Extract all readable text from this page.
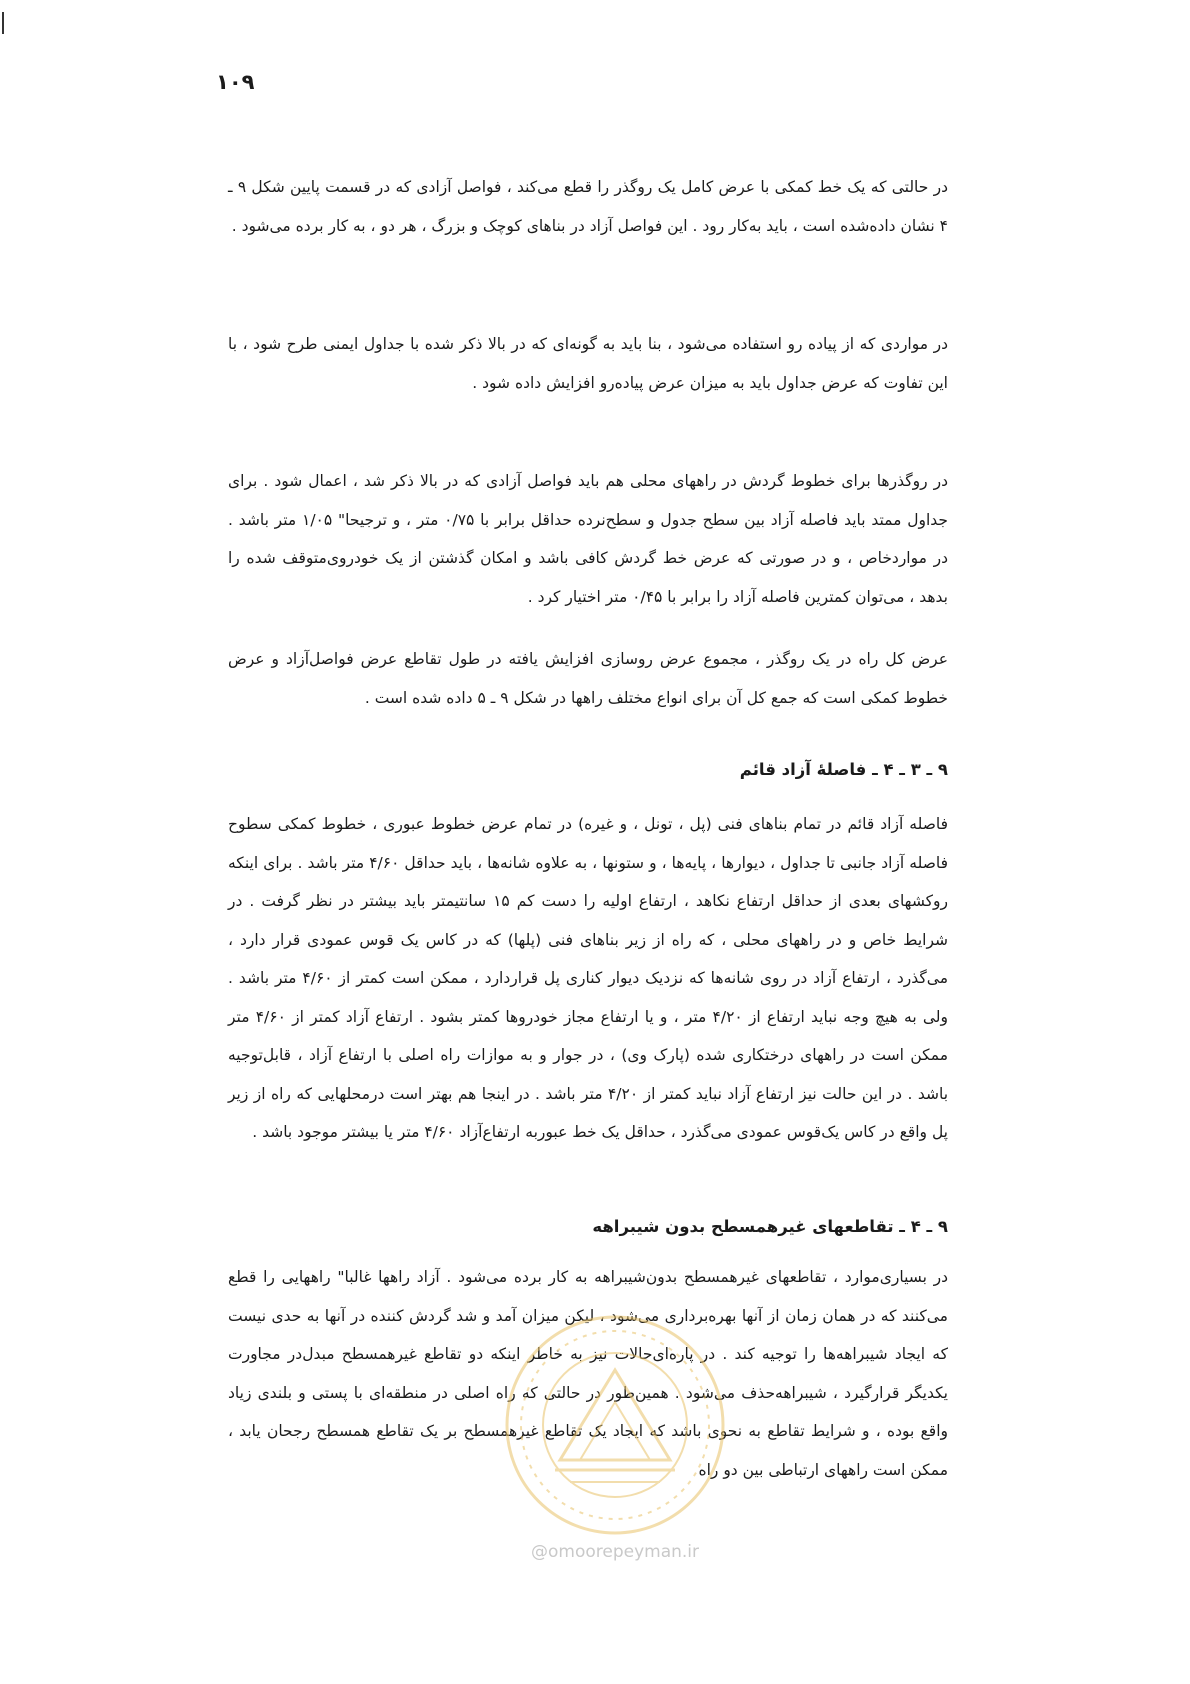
۱۰۹

در حالتی که یک خط کمکی با عرض کامل یک روگذر را قطع می‌کند ، فواصل آزادی که در قسمت پایین شکل ۹ ـ ۴ نشان داده‌شده است ، باید به‌کار رود . این فواصل آزاد در بناهای کوچک و بزرگ ، هر دو ، به کار برده می‌شود .

در مواردی که از پیاده رو استفاده می‌شود ، بنا باید به گونه‌ای که در بالا ذکر شده با جداول ایمنی طرح شود ، با این تفاوت که عرض جداول باید به میزان عرض پیاده‌رو افزایش داده شود .

در روگذرها برای خطوط گردش در راههای محلی هم باید فواصل آزادی که در بالا ذکر شد ، اعمال شود . برای جداول ممتد باید فاصله آزاد بین سطح جدول و سطح‌نرده حداقل برابر با ۰/۷۵ متر ، و ترجیحا" ۱/۰۵ متر باشد . در مواردخاص ، و در صورتی که عرض خط گردش کافی باشد و امکان گذشتن از یک خودروی‌متوقف شده را بدهد ، می‌توان کمترین فاصله آزاد را برابر با ۰/۴۵ متر اختیار کرد .

عرض کل راه در یک روگذر ، مجموع عرض روسازی افزایش یافته در طول تقاطع عرض فواصل‌آزاد و عرض خطوط کمکی است که جمع کل آن برای انواع مختلف راهها در شکل ۹ ـ ۵ داده شده است .

۹ ـ ۳ ـ ۴ ـ فاصلهٔ آزاد قائم

فاصله آزاد قائم در تمام بناهای فنی (پل ، تونل ، و غیره) در تمام عرض خطوط عبوری ، خطوط کمکی سطوح فاصله آزاد جانبی تا جداول ، دیوارها ، پایه‌ها ، و ستونها ، به علاوه شانه‌ها ، باید حداقل ۴/۶۰ متر باشد . برای اینکه روکشهای بعدی از حداقل ارتفاع نکاهد ، ارتفاع اولیه را دست کم ۱۵ سانتیمتر باید بیشتر در نظر گرفت . در شرایط خاص و در راههای محلی ، که راه از زیر بناهای فنی (پلها) که در کاس یک قوس عمودی قرار دارد ، می‌گذرد ، ارتفاع آزاد در روی شانه‌ها که نزدیک دیوار کناری پل قراردارد ، ممکن است کمتر از ۴/۶۰ متر باشد . ولی به هیچ وجه نباید ارتفاع از ۴/۲۰ متر ، و یا ارتفاع مجاز خودروها کمتر بشود . ارتفاع آزاد کمتر از ۴/۶۰ متر ممکن است در راههای درختکاری شده (پارک وی) ، در جوار و به موازات راه اصلی با ارتفاع آزاد ، قابل‌توجیه باشد . در این حالت نیز ارتفاع آزاد نباید کمتر از ۴/۲۰ متر باشد . در اینجا هم بهتر است درمحلهایی که راه از زیر پل واقع در کاس یک‌قوس عمودی می‌گذرد ، حداقل یک خط عبوربه ارتفاع‌آزاد ۴/۶۰ متر یا بیشتر موجود باشد .

۹ ـ ۴ ـ تقاطعهای غیرهمسطح بدون شیبراهه

در بسیاری‌موارد ، تقاطعهای غیرهمسطح بدون‌شیبراهه به کار برده می‌شود . آزاد راهها غالبا" راههایی را قطع می‌کنند که در همان زمان از آنها بهره‌برداری می‌شود ، لیکن میزان آمد و شد گردش کننده در آنها به حدی نیست که ایجاد شیبراهه‌ها را توجیه کند . در پاره‌ای‌حالات نیز به خاطر اینکه دو تقاطع غیرهمسطح مبدل‌در مجاورت یکدیگر قرارگیرد ، شیبراهه‌حذف می‌شود . همین‌طور در حالتی که راه اصلی در منطقه‌ای با پستی و بلندی زیاد واقع بوده ، و شرایط تقاطع به نحوی باشد که ایجاد یک تقاطع غیرهمسطح بر یک تقاطع همسطح رجحان یابد ، ممکن است راههای ارتباطی بین دو راه

@omoorepeyman.ir
